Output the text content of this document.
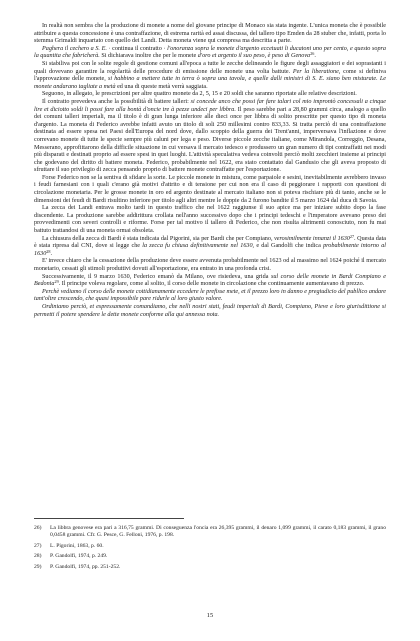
In realtà non sembra che la produzione di monete a nome del giovane principe di Monaco sia stata ingente. L'unica moneta che è possibile attribuire a questa concessione è una contraffazione, di estrema rarità ed assai discussa, del tallero tipo Emden da 28 stuber che, infatti, porta lo stemma Grimaldi inquartato con quello dei Landi. Detta moneta viene qui compresa ma descritta a parte.

Paghera il cechero a S. E. · continua il contratto · l'onoranza sopra le monete d'argento eccetuati li ducatoni uno per cento, e questo sopra la quantita che fabricherà. Si dichiarava inoltre che per le monete d'oro et argento il suo peso, è peso di Genova$^{26}$.

Si stabiliva poi con le solite regole di gestione comuni all'epoca a tutte le zecche delineando le figure degli assaggiatori e dei soprastanti i quali dovevano garantire la regolarità delle procedure di emissione delle monete una volta battute. Per la liberatione, come si definiva l'approvazione delle monete, si habbino a mettere tutte in terra ò sopra una tavola, e quelle dalli ministri di S. E. siano ben misturate. Le monete andarano tagliate a metà ed una di queste metà verrà saggiata.

Seguono, in allegato, le prescrizioni per altre quattro monete da 2, 5, 15 e 20 soldi che saranno riportate alle relative descrizioni.

Il contratto prevedeva anche la possibilità di battere talleri: si concede anco che possi far fare talari col mio improntò concessali a cinque lire et diciotto soldi li possi fare alla bontà d'oncie tre à pezze undeci per libbra. Il peso sarebbe pari a 28,80 grammi circa, analogo a quello dei comuni talleri imperiali, ma il titolo è di gran lunga inferiore alle dieci once per libbra di solito prescritte per questo tipo di moneta d'argento. La moneta di Federico avrebbe infatti avuto un titolo di soli 250 millesimi contro 833,33. Si tratta perciò di una contraffazione destinata ad essere spesa nei Paesi dell'Europa del nord dove, dallo scoppio della guerra dei Trent'anni, imperversava l'inflazione e dove correvano monete di tutte le specie sempre più caluni per lega e peso. Diverse piccole zecche italiane, come Mirandola, Correggio, Desana, Messerano, approfittarono della difficile situazione in cui versava il mercato tedesco e produssero un gran numero di tipi contraffatti nei modi più disparati e destinati proprio ad essere spesi in quei luoghi. L'attività speculativa vedeva coinvolti perciò molti zecchieri insieme ai principi che godevano del diritto di battere moneta. Federico, probabilmente nel 1622, era stato contattato dal Gandusio che gli aveva proposto di sfruttare il suo privilegio di zecca pensando proprio di battere monete contraffatte per l'esportazione.

Forse Federico non se la sentiva di sfidare la sorte. Le piccole monete in mistura, come parpaiole e sesini, inevitabilmente avrebbero invaso i feudi farnesiani con i quali c'erano già motivi d'attrito e di tensione per cui non era il caso di peggiorare i rapporti con questioni di circolazione monetaria. Per le grosse monete in oro ed argento destinate al mercato italiano non si poteva rischiare più di tanto, anche se le dimensioni dei feudi di Bardi risultino inferiore per titolo agli altri mentre le doppie da 2 furono bandite il 5 marzo 1624 dal duca di Savoia.

La zecca dei Landi entrava molto tardi in questo traffico che nel 1622 raggiunse il suo apice ma per iniziare subito dopo la fase discendente. La produzione sarebbe addirittura crollata nell'anno successivo dopo che i principi tedeschi e l'imperatore avevano preso dei provvedimenti con severi controlli e riforme. Forse per tal motivo il tallero di Federico, che non risulta altrimenti conosciuto, non fu mai battuto trattandosi di una moneta ormai obsoleta.

La chiusura della zecca di Bardi è stata indicata dal Pigorini, sia per Bardi che per Compiano, verosimilmente innanzi il 1630$^{27}$. Questa data è stata ripresa dal CNI, dove si legge che la zecca fu chiusa definitivamente nel 1630, e dal Gandolfi che indica probabilmente intorno al 1630$^{28}$.

E' invece chiaro che la cessazione della produzione deve essere avvenuta probabilmente nel 1623 od al massimo nel 1624 poiché il mercato monetario, cessati gli stimoli produttivi dovuti all'esportazione, era entrato in una profonda crisi.

Successivamente, il 9 marzo 1630, Federico emanò da Milano, ove risiedeva, una grida sul corso delle monete in Bardi Compiano e Bedonia$^{29}$. Il principe voleva regolare, come al solito, il corso delle monete in circolazione che continuamente aumentavano di prezzo.

Perchè vediamo il corso delle monete cottidianamente eccedere le prefisse mete, et il prezzo loro in danno e pregiudicio del publlico andare tant'oltre crescendo, che quasi impossibile pare ridurle al loro giusto valore.

Ordiniamo perciò, et espressamente comandiamo, che nelli nostri stati, feudi imperiali di Bardi, Compiano, Pieve e loro giurisdittione si permetti il potere spendere le dette monete conforme alla qui annessa nota.

26)	La libbra genovese era pari a 316,75 grammi. Di conseguenza l'oncia era 26,395 grammi, il denaro 1,099 grammi, il carato 0,183 grammi, il grano 0,0458 grammi. Cfr. G. Pesce, G. Felloni, 1976, p. 198.
27)	L. Pigorini, 1863, p. 60.
28)	P. Gandolfi, 1974, p. 249.
29)	P. Gandolfi, 1974, pp. 251-252.
15
